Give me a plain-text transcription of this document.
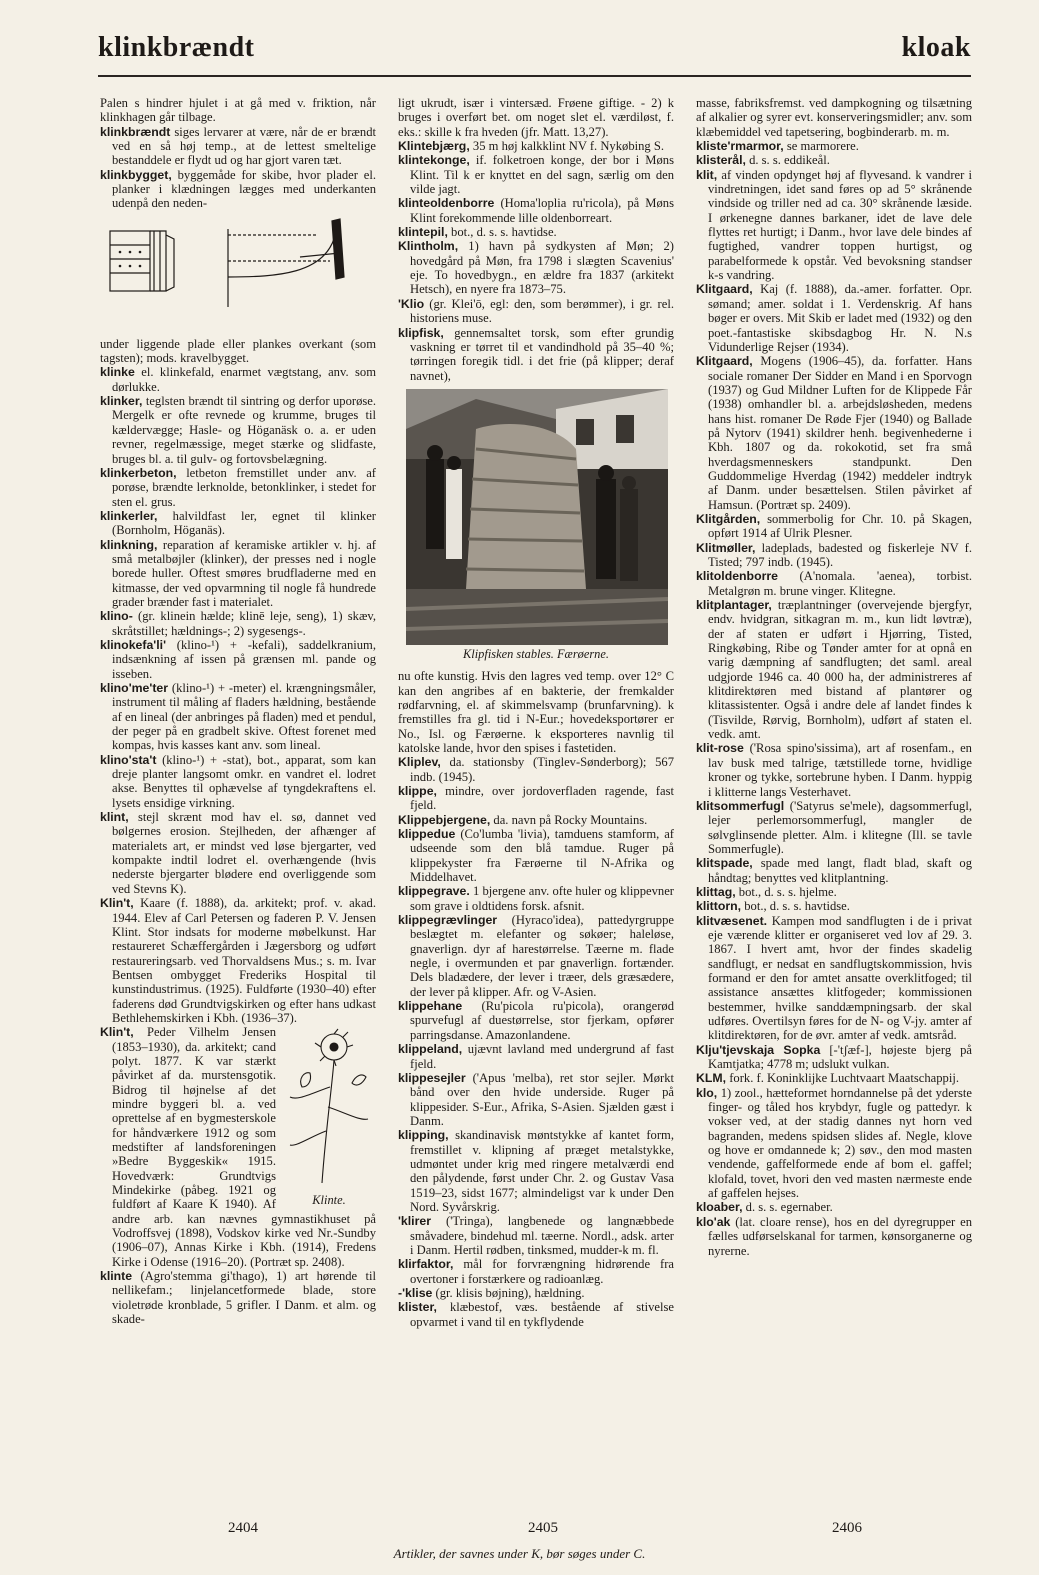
klinkbrændt	kloak

Palen s hindrer hjulet i at gå med v. friktion, når klinkhagen går tilbage.

klinkbrændt siges lervarer at være, når de er brændt ved en så høj temp., at de lettest smeltelige bestanddele er flydt ud og har gjort varen tæt.

klinkbygget, byggemåde for skibe, hvor plader el. planker i klædningen lægges med underkanten udenpå den neden-

under liggende plade eller plankes overkant (som tagsten); mods. kravelbygget.

klinke el. klinkefald, enarmet vægtstang, anv. som dørlukke.

klinker, teglsten brændt til sintring og derfor uporøse. Mergelk er ofte revnede og krumme, bruges til kældervægge; Hasle- og Höganäsk o. a. er uden revner, regelmæssige, meget stærke og slidfaste, bruges bl. a. til gulv- og fortovsbelægning.

klinkerbeton, letbeton fremstillet under anv. af porøse, brændte lerknolde, betonklinker, i stedet for sten el. grus.

klinkerler, halvildfast ler, egnet til klinker (Bornholm, Höganäs).

klinkning, reparation af keramiske artikler v. hj. af små metalbøjler (klinker), der presses ned i nogle borede huller. Oftest smøres brudfladerne med en kitmasse, der ved opvarmning til nogle få hundrede grader brænder fast i materialet.

klino- (gr. klinein hælde; klinē leje, seng), 1) skæv, skråtstillet; hældnings-; 2) sygesengs-.

klinokefa'li' (klino-¹) + -kefali), saddelkranium, indsænkning af issen på grænsen ml. pande og isseben.

klino'me'ter (klino-¹) + -meter) el. krængningsmåler, instrument til måling af fladers hældning, bestående af en lineal (der anbringes på fladen) med et pendul, der peger på en gradbelt skive. Oftest forenet med kompas, hvis kasses kant anv. som lineal.

klino'sta't (klino-¹) + -stat), bot., apparat, som kan dreje planter langsomt omkr. en vandret el. lodret akse. Benyttes til ophævelse af tyngdekraftens el. lysets ensidige virkning.

klint, stejl skrænt mod hav el. sø, dannet ved bølgernes erosion. Stejlheden, der afhænger af materialets art, er mindst ved løse bjergarter, ved kompakte indtil lodret el. overhængende (hvis nederste bjergarter blødere end overliggende som ved Stevns K).

Klin't, Kaare (f. 1888), da. arkitekt; prof. v. akad. 1944. Elev af Carl Petersen og faderen P. V. Jensen Klint. Stor indsats for moderne møbelkunst. Har restaureret Schæffergården i Jægersborg og udført restaureringsarb. ved Thorvaldsens Mus.; s. m. Ivar Bentsen ombygget Frederiks Hospital til kunstindustrimus. (1925). Fuldførte (1930–40) efter faderens død Grundtvigskirken og efter hans udkast Bethlehemskirken i Kbh. (1936–37).

Klinte.

Klin't, Peder Vilhelm Jensen (1853–1930), da. arkitekt; cand polyt. 1877. K var stærkt påvirket af da. murstensgotik. Bidrog til højnelse af det mindre byggeri bl. a. ved oprettelse af en bygmesterskole for håndværkere 1912 og som medstifter af landsforeningen »Bedre Byggeskik« 1915. Hovedværk: Grundtvigs Mindekirke (påbeg. 1921 og fuldført af Kaare K 1940). Af andre arb. kan nævnes gymnastikhuset på Vodroffsvej (1898), Vodskov kirke ved Nr.-Sundby (1906–07), Annas Kirke i Kbh. (1914), Fredens Kirke i Odense (1916–20). (Portræt sp. 2408).

klinte (Agro'stemma gi'thago), 1) art hørende til nellikefam.; linjelancetformede blade, store violetrøde kronblade, 5 grifler. I Danm. et alm. og skade-

ligt ukrudt, især i vintersæd. Frøene giftige. - 2) k bruges i overført bet. om noget slet el. værdiløst, f. eks.: skille k fra hveden (jfr. Matt. 13,27).

Klintebjærg, 35 m høj kalkklint NV f. Nykøbing S.

klintekonge, if. folketroen konge, der bor i Møns Klint. Til k er knyttet en del sagn, særlig om den vilde jagt.

klinteoldenborre (Homa'loplia ru'ricola), på Møns Klint forekommende lille oldenborreart.

klintepil, bot., d. s. s. havtidse.

Klintholm, 1) havn på sydkysten af Møn; 2) hovedgård på Møn, fra 1798 i slægten Scavenius' eje. To hovedbygn., en ældre fra 1837 (arkitekt Hetsch), en nyere fra 1873–75.

'Klio (gr. Klei'ō, egl: den, som berømmer), i gr. rel. historiens muse.

klipfisk, gennemsaltet torsk, som efter grundig vaskning er tørret til et vandindhold på 35–40 %; tørringen foregik tidl. i det frie (på klipper; deraf navnet),

Klipfisken stables. Færøerne.

nu ofte kunstig. Hvis den lagres ved temp. over 12° C kan den angribes af en bakterie, der fremkalder rødfarvning, el. af skimmelsvamp (brunfarvning). k fremstilles fra gl. tid i N-Eur.; hovedeksportører er No., Isl. og Færøerne. k eksporteres navnlig til katolske lande, hvor den spises i fastetiden.

Kliplev, da. stationsby (Tinglev-Sønderborg); 567 indb. (1945).

klippe, mindre, over jordoverfladen ragende, fast fjeld.

Klippebjergene, da. navn på Rocky Mountains.

klippedue (Co'lumba 'livia), tamduens stamform, af udseende som den blå tamdue. Ruger på klippekyster fra Færøerne til N-Afrika og Middelhavet.

klippegrave. 1 bjergene anv. ofte huler og klippevner som grave i oldtidens forsk. afsnit.

klippegrævlinger (Hyraco'idea), pattedyrgruppe beslægtet m. elefanter og søkøer; haleløse, gnaverlign. dyr af harestørrelse. Tæerne m. flade negle, i overmunden et par gnaverlign. fortænder. Dels bladædere, der lever i træer, dels græsædere, der lever på klipper. Afr. og V-Asien.

klippehane (Ru'picola ru'picola), orangerød spurvefugl af duestørrelse, stor fjerkam, opfører parringsdanse. Amazonlandene.

klippeland, ujævnt lavland med undergrund af fast fjeld.

klippesejler ('Apus 'melba), ret stor sejler. Mørkt bånd over den hvide underside. Ruger på klippesider. S-Eur., Afrika, S-Asien. Sjælden gæst i Danm.

klipping, skandinavisk møntstykke af kantet form, fremstillet v. klipning af præget metalstykke, udmøntet under krig med ringere metalværdi end den pålydende, først under Chr. 2. og Gustav Vasa 1519–23, sidst 1677; almindeligst var k under Den Nord. Syvårskrig.

'klirer ('Tringa), langbenede og langnæbbede småvadere, bindehud ml. tæerne. Nordl., adsk. arter i Danm. Hertil rødben, tinksmed, mudder-k m. fl.

klirfaktor, mål for forvrængning hidrørende fra overtoner i forstærkere og radioanlæg.

-'klise (gr. klisis bøjning), hældning.

klister, klæbestof, væs. bestående af stivelse opvarmet i vand til en tykflydende

masse, fabriksfremst. ved dampkogning og tilsætning af alkalier og syrer evt. konserveringsmidler; anv. som klæbemiddel ved tapetsering, bogbinderarb. m. m.

kliste'rmarmor, se marmorere.

klisterål, d. s. s. eddikeål.

klit, af vinden opdynget høj af flyvesand. k vandrer i vindretningen, idet sand føres op ad 5° skrånende vindside og triller ned ad ca. 30° skrånende læside. I ørkenegne dannes barkaner, idet de lave dele flyttes ret hurtigt; i Danm., hvor lave dele bindes af fugtighed, vandrer toppen hurtigst, og parabelformede k opstår. Ved bevoksning standser k-s vandring.

Klitgaard, Kaj (f. 1888), da.-amer. forfatter. Opr. sømand; amer. soldat i 1. Verdenskrig. Af hans bøger er overs. Mit Skib er ladet med (1932) og den poet.-fantastiske skibsdagbog Hr. N. N.s Vidunderlige Rejser (1934).

Klitgaard, Mogens (1906–45), da. forfatter. Hans sociale romaner Der Sidder en Mand i en Sporvogn (1937) og Gud Mildner Luften for de Klippede Får (1938) omhandler bl. a. arbejdsløsheden, medens hans hist. romaner De Røde Fjer (1940) og Ballade på Nytorv (1941) skildrer henh. begivenhederne i Kbh. 1807 og da. rokokotid, set fra små hverdagsmenneskers standpunkt. Den Guddommelige Hverdag (1942) meddeler indtryk af Danm. under besættelsen. Stilen påvirket af Hamsun. (Portræt sp. 2409).

Klitgården, sommerbolig for Chr. 10. på Skagen, opført 1914 af Ulrik Plesner.

Klitmøller, ladeplads, badested og fiskerleje NV f. Tisted; 797 indb. (1945).

klitoldenborre (A'nomala. 'aenea), torbist. Metalgrøn m. brune vinger. Klitegne.

klitplantager, træplantninger (overvejende bjergfyr, endv. hvidgran, sitkagran m. m., kun lidt løvtræ), der af staten er udført i Hjørring, Tisted, Ringkøbing, Ribe og Tønder amter for at opnå en varig dæmpning af sandflugten; det saml. areal udgjorde 1946 ca. 40 000 ha, der administreres af klitdirektøren med bistand af plantører og klitassistenter. Også i andre dele af landet findes k (Tisvilde, Rørvig, Bornholm), udført af staten el. vedk. amt.

klit-rose ('Rosa spino'sissima), art af rosenfam., en lav busk med talrige, tætstillede torne, hvidlige kroner og tykke, sortebrune hyben. I Danm. hyppig i klitterne langs Vesterhavet.

klitsommerfugl ('Satyrus se'mele), dagsommerfugl, lejer perlemorsommerfugl, mangler de sølvglinsende pletter. Alm. i klitegne (Ill. se tavle Sommerfugle).

klitspade, spade med langt, fladt blad, skaft og håndtag; benyttes ved klitplantning.

klittag, bot., d. s. s. hjelme.

klittorn, bot., d. s. s. havtidse.

klitvæsenet. Kampen mod sandflugten i de i privat eje værende klitter er organiseret ved lov af 29. 3. 1867. I hvert amt, hvor der findes skadelig sandflugt, er nedsat en sandflugtskommission, hvis formand er den for amtet ansatte overklitfoged; til assistance ansættes klitfogeder; kommissionen bestemmer, hvilke sanddæmpningsarb. der skal udføres. Overtilsyn føres for de N- og V-jy. amter af klitdirektøren, for de øvr. amter af vedk. amtsråd.

Klju'tjevskaja Sopka [-'tʃæf-], højeste bjerg på Kamtjatka; 4778 m; udslukt vulkan.

KLM, fork. f. Koninklijke Luchtvaart Maatschappij.

klo, 1) zool., hætteformet horndannelse på det yderste finger- og tåled hos krybdyr, fugle og pattedyr. k vokser ved, at der stadig dannes nyt horn ved bagranden, medens spidsen slides af. Negle, klove og hove er omdannede k; 2) søv., den mod masten vendende, gaffelformede ende af bom el. gaffel; klofald, tovet, hvori den ved masten nærmeste ende af gaffelen hejses.

kloaber, d. s. s. egernaber.

klo'ak (lat. cloare rense), hos en del dyregrupper en fælles udførselskanal for tarmen, kønsorganerne og nyrerne.

2404	2405	2406
Artikler, der savnes under K, bør søges under C.
